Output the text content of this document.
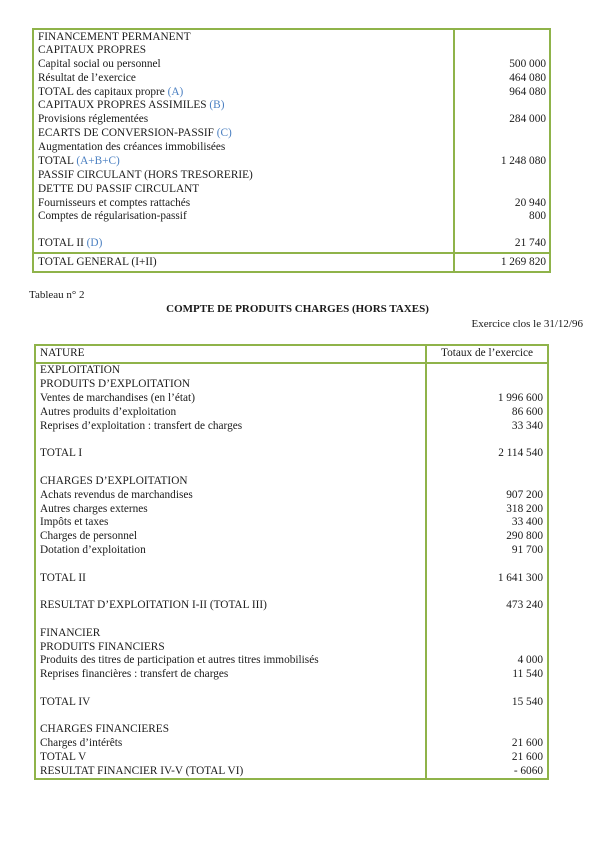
FINANCEMENT PERMANENT
CAPITAUX PROPRES
Capital social ou personnel	500 000
Résultat de l’exercice	464 080
TOTAL des capitaux propre (A)	964 080
CAPITAUX PROPRES ASSIMILES (B)
Provisions réglementées	284 000
ECARTS DE CONVERSION-PASSIF (C)
Augmentation des créances immobilisées
TOTAL (A+B+C)	1 248 080
PASSIF CIRCULANT (HORS TRESORERIE)
DETTE DU PASSIF CIRCULANT
Fournisseurs et comptes rattachés	20 940
Comptes de régularisation-passif	800
TOTAL II (D)	21 740
TOTAL GENERAL (I+II)	1 269 820
Tableau n° 2
COMPTE DE PRODUITS CHARGES (HORS TAXES)
Exercice clos le 31/12/96
NATURE	Totaux de l’exercice
EXPLOITATION
PRODUITS D’EXPLOITATION
Ventes de marchandises (en l’état)	1 996 600
Autres produits d’exploitation	86 600
Reprises d’exploitation : transfert de charges	33 340
TOTAL I	2 114 540
CHARGES D’EXPLOITATION
Achats revendus de marchandises	907 200
Autres charges externes	318 200
Impôts et taxes	33 400
Charges de personnel	290 800
Dotation d’exploitation	91 700
TOTAL II	1 641 300
RESULTAT D’EXPLOITATION I-II (TOTAL III)	473 240
FINANCIER
PRODUITS FINANCIERS
Produits des titres de participation et autres titres immobilisés	4 000
Reprises financières : transfert de charges	11 540
TOTAL IV	15 540
CHARGES FINANCIERES
Charges d’intérêts	21 600
TOTAL V	21 600
RESULTAT FINANCIER IV-V (TOTAL VI)	- 6060
